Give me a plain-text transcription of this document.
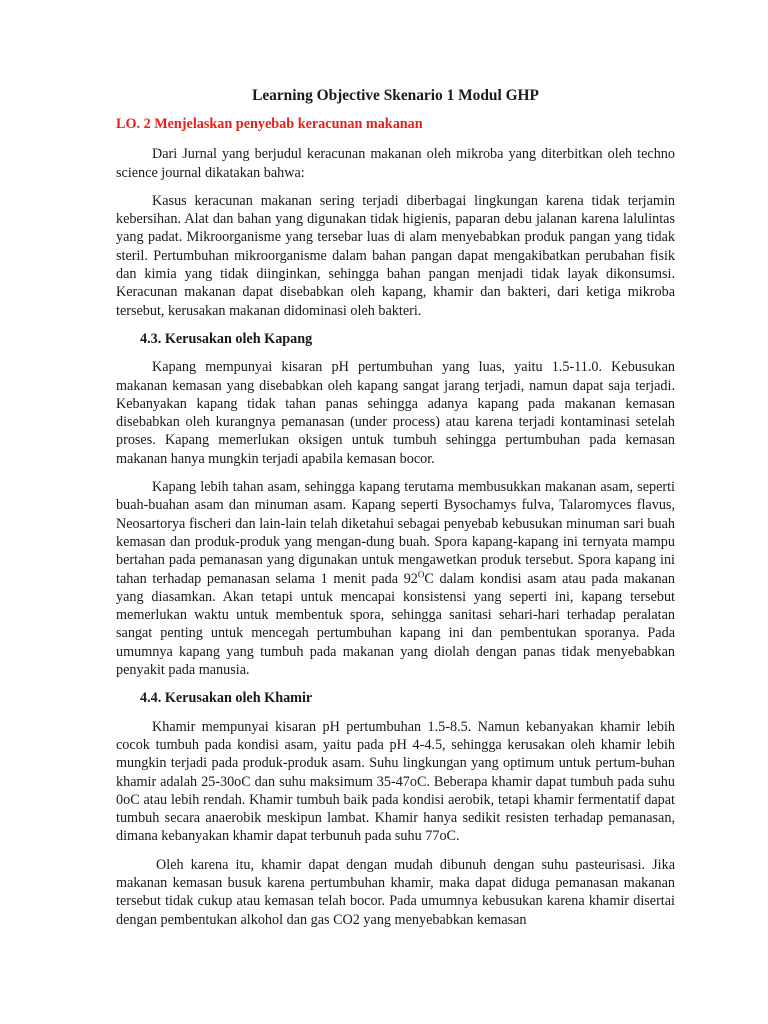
Learning Objective Skenario 1 Modul GHP
LO. 2 Menjelaskan penyebab keracunan makanan

Dari Jurnal yang berjudul keracunan makanan oleh mikroba yang diterbitkan oleh techno science journal dikatakan bahwa:

Kasus keracunan makanan sering terjadi diberbagai lingkungan karena tidak terjamin kebersihan. Alat dan bahan yang digunakan tidak higienis, paparan debu jalanan karena lalulintas yang padat. Mikroorganisme yang tersebar luas di alam menyebabkan produk pangan yang tidak steril. Pertumbuhan mikroorganisme dalam bahan pangan dapat mengakibatkan perubahan fisik dan kimia yang tidak diinginkan, sehingga bahan pangan menjadi tidak layak dikonsumsi. Keracunan makanan dapat disebabkan oleh kapang, khamir dan bakteri, dari ketiga mikroba tersebut, kerusakan makanan didominasi oleh bakteri.

4.3. Kerusakan oleh Kapang

Kapang mempunyai kisaran pH pertumbuhan yang luas, yaitu 1.5-11.0. Kebusukan makanan kemasan yang disebabkan oleh kapang sangat jarang terjadi, namun dapat saja terjadi. Kebanyakan kapang tidak tahan panas sehingga adanya kapang pada makanan kemasan disebabkan oleh kurangnya pemanasan (under process) atau karena terjadi kontaminasi setelah proses. Kapang memerlukan oksigen untuk tumbuh sehingga pertumbuhan pada kemasan makanan hanya mungkin terjadi apabila kemasan bocor.

Kapang lebih tahan asam, sehingga kapang terutama membusukkan makanan asam, seperti buah-buahan asam dan minuman asam. Kapang seperti Bysochamys fulva, Talaromyces flavus, Neosartorya fischeri dan lain-lain telah diketahui sebagai penyebab kebusukan minuman sari buah kemasan dan produk-produk yang mengan-dung buah. Spora kapang-kapang ini ternyata mampu bertahan pada pemanasan yang digunakan untuk mengawetkan produk tersebut. Spora kapang ini tahan terhadap pemanasan selama 1 menit pada $92^OC$ dalam kondisi asam atau pada makanan yang diasamkan. Akan tetapi untuk mencapai konsistensi yang seperti ini, kapang tersebut memerlukan waktu untuk membentuk spora, sehingga sanitasi sehari-hari terhadap peralatan sangat penting untuk mencegah pertumbuhan kapang ini dan pembentukan sporanya. Pada umumnya kapang yang tumbuh pada makanan yang diolah dengan panas tidak menyebabkan penyakit pada manusia.

4.4. Kerusakan oleh Khamir

Khamir mempunyai kisaran pH pertumbuhan 1.5-8.5. Namun kebanyakan khamir lebih cocok tumbuh pada kondisi asam, yaitu pada pH 4-4.5, sehingga kerusakan oleh khamir lebih mungkin terjadi pada produk-produk asam. Suhu lingkungan yang optimum untuk pertum-buhan khamir adalah 25-30oC dan suhu maksimum 35-47oC. Beberapa khamir dapat tumbuh pada suhu 0oC atau lebih rendah. Khamir tumbuh baik pada kondisi aerobik, tetapi khamir fermentatif dapat tumbuh secara anaerobik meskipun lambat. Khamir hanya sedikit resisten terhadap pemanasan, dimana kebanyakan khamir dapat terbunuh pada suhu 77oC.

Oleh karena itu, khamir dapat dengan mudah dibunuh dengan suhu pasteurisasi. Jika makanan kemasan busuk karena pertumbuhan khamir, maka dapat diduga pemanasan makanan tersebut tidak cukup atau kemasan telah bocor. Pada umumnya kebusukan karena khamir disertai dengan pembentukan alkohol dan gas CO2 yang menyebabkan kemasan
